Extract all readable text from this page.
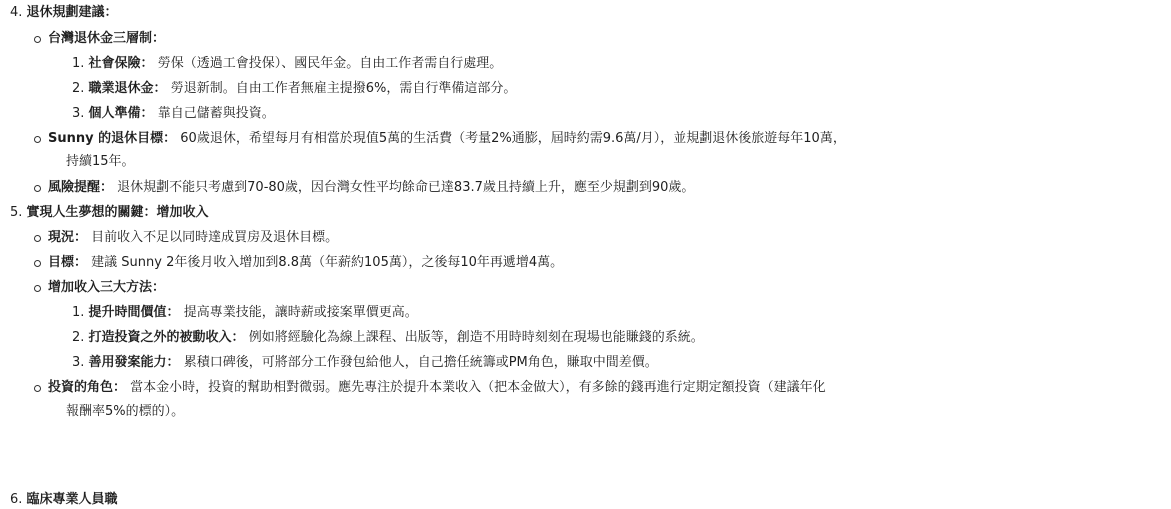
4. 退休規劃建議：
台灣退休金三層制：
1. 社會保險： 勞保（透過工會投保）、國民年金。自由工作者需自行處理。
2. 職業退休金： 勞退新制。自由工作者無雇主提撥6%，需自行準備這部分。
3. 個人準備： 靠自己儲蓄與投資。
Sunny 的退休目標： 60歲退休，希望每月有相當於現值5萬的生活費（考量2%通膨，屆時約需9.6萬/月），並規劃退休後旅遊每年10萬，
持續15年。
風險提醒： 退休規劃不能只考慮到70-80歲，因台灣女性平均餘命已達83.7歲且持續上升，應至少規劃到90歲。
5. 實現人生夢想的關鍵：增加收入
現況： 目前收入不足以同時達成買房及退休目標。
目標： 建議 Sunny 2年後月收入增加到8.8萬（年薪約105萬），之後每10年再遞增4萬。
增加收入三大方法：
1. 提升時間價值： 提高專業技能，讓時薪或接案單價更高。
2. 打造投資之外的被動收入： 例如將經驗化為線上課程、出版等，創造不用時時刻刻在現場也能賺錢的系統。
3. 善用發案能力： 累積口碑後，可將部分工作發包給他人，自己擔任統籌或PM角色，賺取中間差價。
投資的角色： 當本金小時，投資的幫助相對微弱。應先專注於提升本業收入（把本金做大），有多餘的錢再進行定期定額投資（建議年化
報酬率5%的標的）。
6. 臨床專業人員職
